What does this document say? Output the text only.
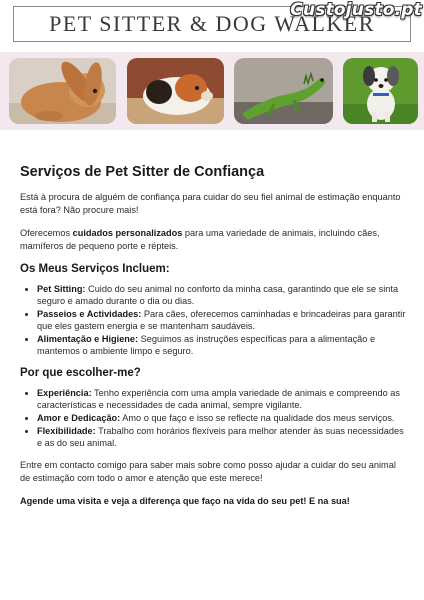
PET SITTER & DOG WALKER
Custojusto.pt
Serviços de Pet Sitter de Confiança

Está à procura de alguém de confiança para cuidar do seu fiel animal de estimação enquanto está fora? Não procure mais!

Oferecemos cuidados personalizados para uma variedade de animais, incluindo cães, mamíferos de pequeno porte e répteis.

Os Meus Serviços Incluem:
• Pet Sitting: Cuido do seu animal no conforto da minha casa, garantindo que ele se sinta seguro e amado durante o dia ou dias.
• Passeios e Actividades: Para cães, oferecemos caminhadas e brincadeiras para garantir que eles gastem energia e se mantenham saudáveis.
• Alimentação e Higiene: Seguimos as instruções específicas para a alimentação e mantemos o ambiente limpo e seguro.
Por que escolher-me?
• Experiência: Tenho experiência com uma ampla variedade de animais e compreendo as características e necessidades de cada animal, sempre vigilante.
• Amor e Dedicação: Amo o que faço e isso se reflecte na qualidade dos meus serviços.
• Flexibilidade: Trabalho com horários flexíveis para melhor atender às suas necessidades e as do seu animal.

Entre em contacto comigo para saber mais sobre como posso ajudar a cuidar do seu animal de estimação com todo o amor e atenção que este merece!

Agende uma visita e veja a diferença que faço na vida do seu pet! E na sua!
